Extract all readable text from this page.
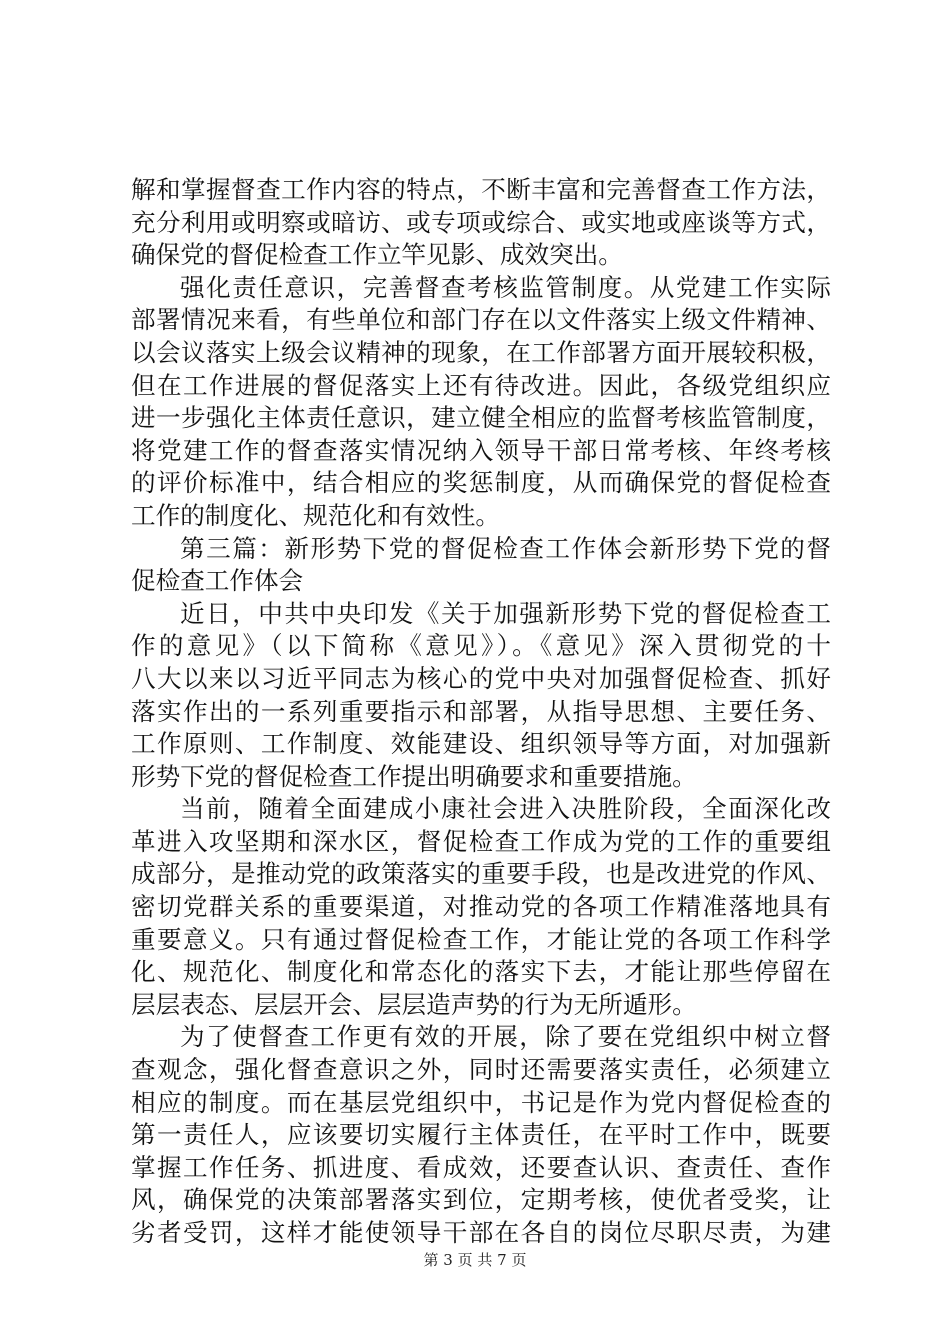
解和掌握督查工作内容的特点，不断丰富和完善督查工作方法，
充分利用或明察或暗访、或专项或综合、或实地或座谈等方式，
确保党的督促检查工作立竿见影、成效突出。
强化责任意识，完善督查考核监管制度。从党建工作实际
部署情况来看，有些单位和部门存在以文件落实上级文件精神、
以会议落实上级会议精神的现象，在工作部署方面开展较积极，
但在工作进展的督促落实上还有待改进。因此，各级党组织应
进一步强化主体责任意识，建立健全相应的监督考核监管制度，
将党建工作的督查落实情况纳入领导干部日常考核、年终考核
的评价标准中，结合相应的奖惩制度，从而确保党的督促检查
工作的制度化、规范化和有效性。
第三篇：新形势下党的督促检查工作体会新形势下党的督
促检查工作体会
近日，中共中央印发《关于加强新形势下党的督促检查工
作的意见》（以下简称《意见》）。《意见》深入贯彻党的十
八大以来以习近平同志为核心的党中央对加强督促检查、抓好
落实作出的一系列重要指示和部署，从指导思想、主要任务、
工作原则、工作制度、效能建设、组织领导等方面，对加强新
形势下党的督促检查工作提出明确要求和重要措施。
当前，随着全面建成小康社会进入决胜阶段，全面深化改
革进入攻坚期和深水区，督促检查工作成为党的工作的重要组
成部分，是推动党的政策落实的重要手段，也是改进党的作风、
密切党群关系的重要渠道，对推动党的各项工作精准落地具有
重要意义。只有通过督促检查工作，才能让党的各项工作科学
化、规范化、制度化和常态化的落实下去，才能让那些停留在
层层表态、层层开会、层层造声势的行为无所遁形。
为了使督查工作更有效的开展，除了要在党组织中树立督
查观念，强化督查意识之外，同时还需要落实责任，必须建立
相应的制度。而在基层党组织中，书记是作为党内督促检查的
第一责任人，应该要切实履行主体责任，在平时工作中，既要
掌握工作任务、抓进度、看成效，还要查认识、查责任、查作
风，确保党的决策部署落实到位，定期考核，使优者受奖，让
劣者受罚，这样才能使领导干部在各自的岗位尽职尽责，为建
第 3 页 共 7 页
